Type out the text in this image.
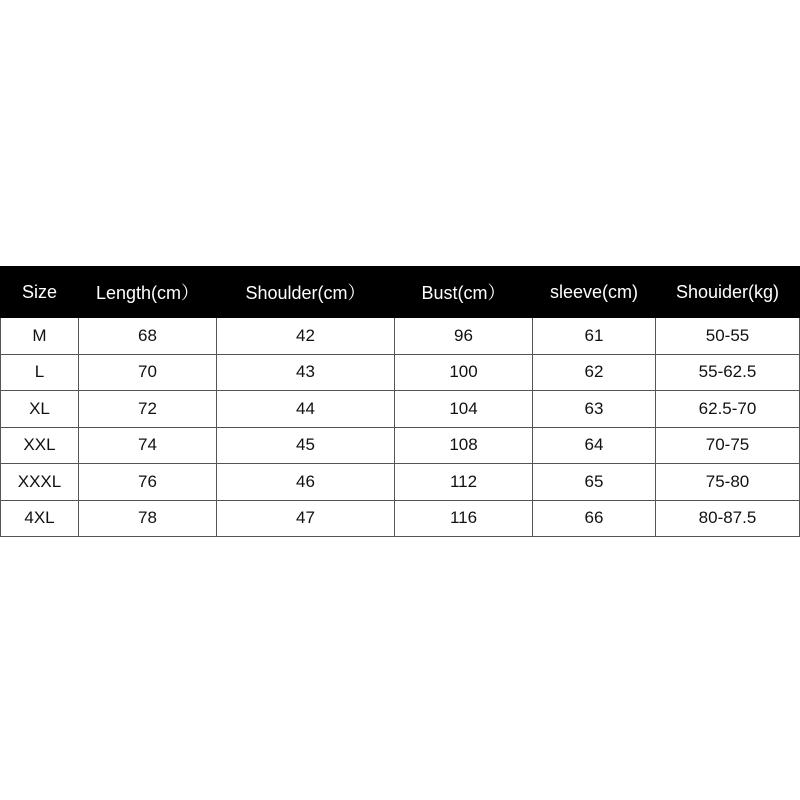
Size	Length(cm）	Shoulder(cm）	Bust(cm）	sleeve(cm)	Shouider(kg)
M	68	42	96	61	50-55
L	70	43	100	62	55-62.5
XL	72	44	104	63	62.5-70
XXL	74	45	108	64	70-75
XXXL	76	46	112	65	75-80
4XL	78	47	116	66	80-87.5
